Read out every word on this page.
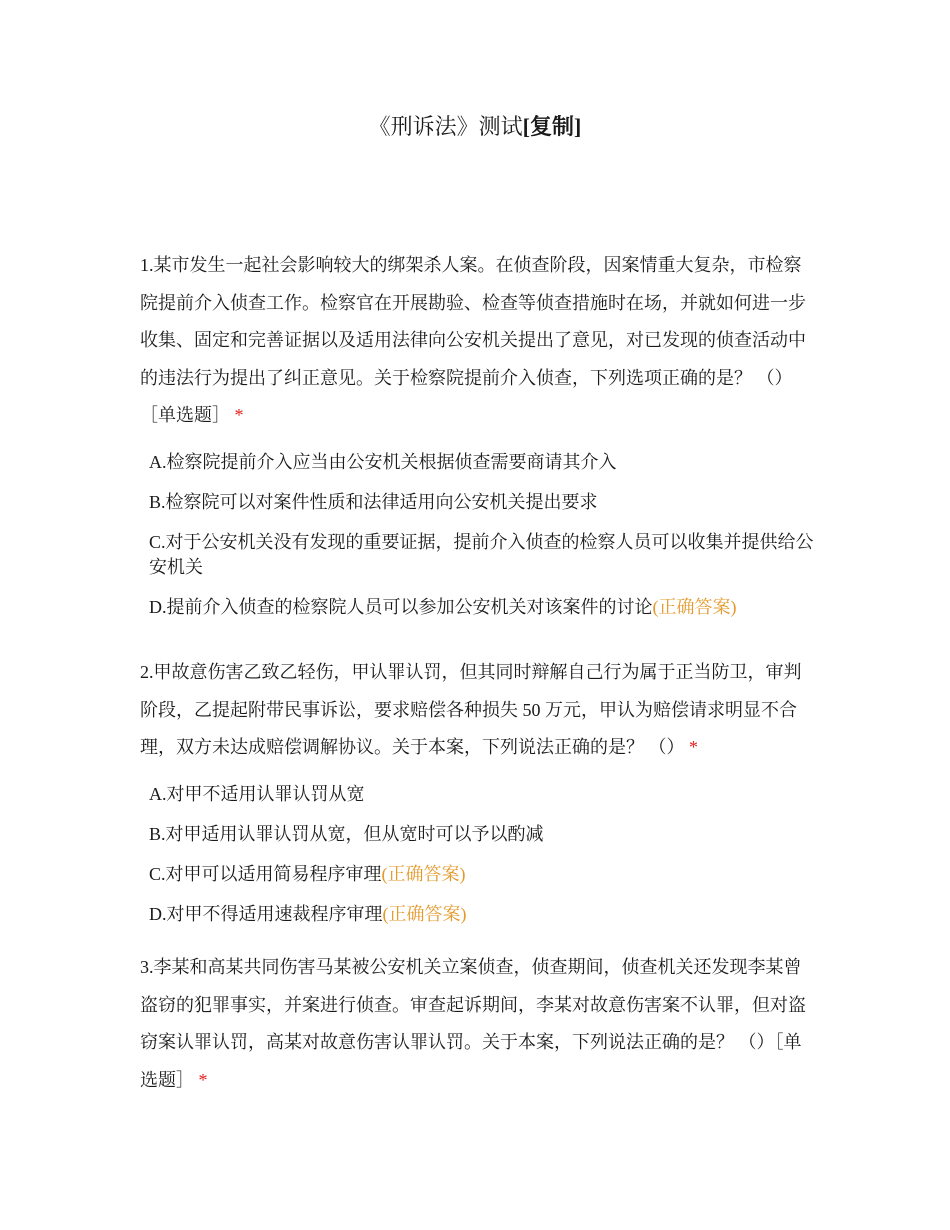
《刑诉法》测试[复制]

1.某市发生一起社会影响较大的绑架杀人案。在侦查阶段，因案情重大复杂，市检察院提前介入侦查工作。检察官在开展勘验、检查等侦查措施时在场，并就如何进一步收集、固定和完善证据以及适用法律向公安机关提出了意见，对已发现的侦查活动中的违法行为提出了纠正意见。关于检察院提前介入侦查，下列选项正确的是？ （）［单选题］ *

A.检察院提前介入应当由公安机关根据侦查需要商请其介入
B.检察院可以对案件性质和法律适用向公安机关提出要求
C.对于公安机关没有发现的重要证据，提前介入侦查的检察人员可以收集并提供给公安机关
D.提前介入侦查的检察院人员可以参加公安机关对该案件的讨论(正确答案)

2.甲故意伤害乙致乙轻伤，甲认罪认罚，但其同时辩解自己行为属于正当防卫，审判阶段，乙提起附带民事诉讼，要求赔偿各种损失 50 万元，甲认为赔偿请求明显不合理，双方未达成赔偿调解协议。关于本案，下列说法正确的是？ （） *

A.对甲不适用认罪认罚从宽
B.对甲适用认罪认罚从宽，但从宽时可以予以酌减
C.对甲可以适用简易程序审理(正确答案)
D.对甲不得适用速裁程序审理(正确答案)

3.李某和高某共同伤害马某被公安机关立案侦查，侦查期间，侦查机关还发现李某曾盗窃的犯罪事实，并案进行侦查。审查起诉期间，李某对故意伤害案不认罪，但对盗窃案认罪认罚，高某对故意伤害认罪认罚。关于本案，下列说法正确的是？ （）［单选题］ *
